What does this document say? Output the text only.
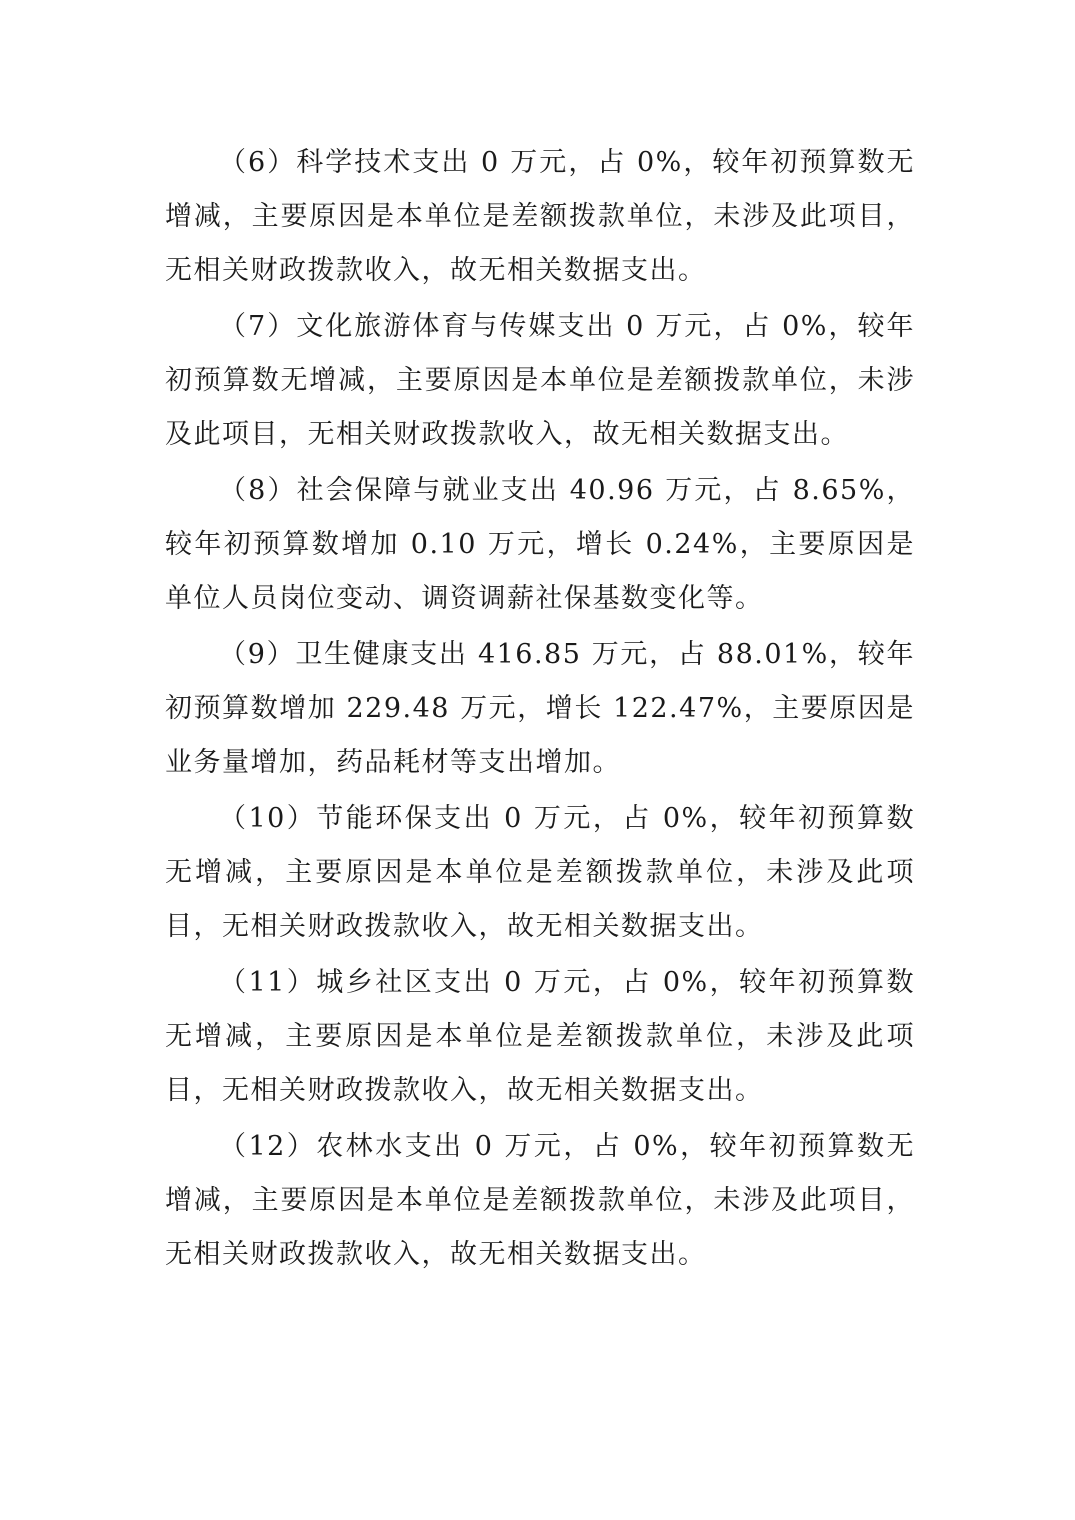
（6）科学技术支出 0 万元，占 0%，较年初预算数无增减，主要原因是本单位是差额拨款单位，未涉及此项目，无相关财政拨款收入，故无相关数据支出。

（7）文化旅游体育与传媒支出 0 万元，占 0%，较年初预算数无增减，主要原因是本单位是差额拨款单位，未涉及此项目，无相关财政拨款收入，故无相关数据支出。

（8）社会保障与就业支出 40.96 万元，占 8.65%，较年初预算数增加 0.10 万元，增长 0.24%，主要原因是单位人员岗位变动、调资调薪社保基数变化等。

（9）卫生健康支出 416.85 万元，占 88.01%，较年初预算数增加 229.48 万元，增长 122.47%，主要原因是业务量增加，药品耗材等支出增加。

（10）节能环保支出 0 万元，占 0%，较年初预算数无增减，主要原因是本单位是差额拨款单位，未涉及此项目，无相关财政拨款收入，故无相关数据支出。

（11）城乡社区支出 0 万元，占 0%，较年初预算数无增减，主要原因是本单位是差额拨款单位，未涉及此项目，无相关财政拨款收入，故无相关数据支出。

（12）农林水支出 0 万元，占 0%，较年初预算数无增减，主要原因是本单位是差额拨款单位，未涉及此项目，无相关财政拨款收入，故无相关数据支出。
